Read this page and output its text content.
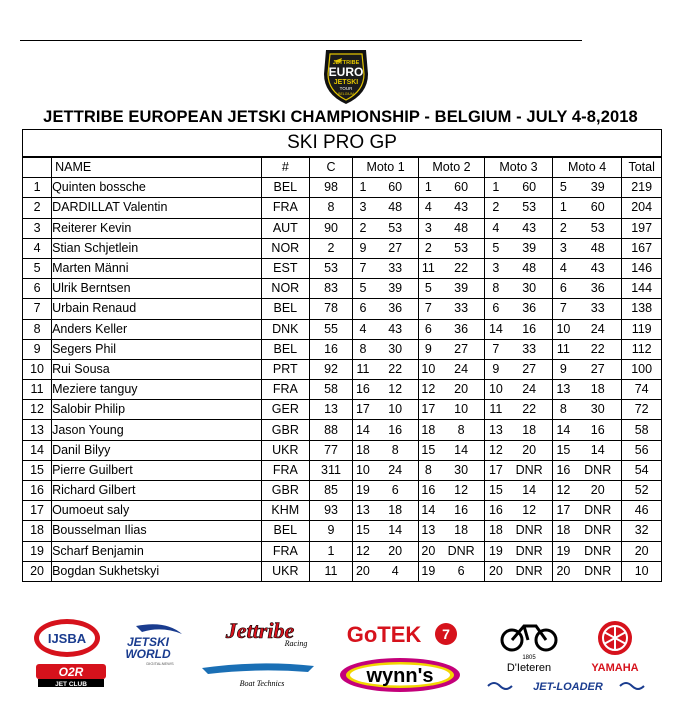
JETTRIBE
EURO
JETSKI
TOUR
BELGIUM
JETTRIBE EUROPEAN JETSKI CHAMPIONSHIP - BELGIUM - JULY 4-8,2018
SKI PRO GP												
	NAME	#	C	Moto 1		Moto 2		Moto 3		Moto 4		Total
1	Quinten bossche	BEL	98	1	60	1	60	1	60	5	39	219
2	DARDILLAT Valentin	FRA	8	3	48	4	43	2	53	1	60	204
3	Reiterer Kevin	AUT	90	2	53	3	48	4	43	2	53	197
4	Stian Schjetlein	NOR	2	9	27	2	53	5	39	3	48	167
5	Marten Männi	EST	53	7	33	11	22	3	48	4	43	146
6	Ulrik Berntsen	NOR	83	5	39	5	39	8	30	6	36	144
7	Urbain Renaud	BEL	78	6	36	7	33	6	36	7	33	138
8	Anders Keller	DNK	55	4	43	6	36	14	16	10	24	119
9	Segers Phil	BEL	16	8	30	9	27	7	33	11	22	112
10	Rui Sousa	PRT	92	11	22	10	24	9	27	9	27	100
11	Meziere tanguy	FRA	58	16	12	12	20	10	24	13	18	74
12	Salobir Philip	GER	13	17	10	17	10	11	22	8	30	72
13	Jason Young	GBR	88	14	16	18	8	13	18	14	16	58
14	Danil Bilyy	UKR	77	18	8	15	14	12	20	15	14	56
15	Pierre Guilbert	FRA	311	10	24	8	30	17	DNR	16	DNR	54
16	Richard Gilbert	GBR	85	19	6	16	12	15	14	12	20	52
17	Oumoeut saly	KHM	93	13	18	14	16	16	12	17	DNR	46
18	Bousselman Ilias	BEL	9	15	14	13	18	18	DNR	18	DNR	32
19	Scharf Benjamin	FRA	1	12	20	20	DNR	19	DNR	19	DNR	20
20	Bogdan Sukhetskyi	UKR	11	20	4	19	6	20	DNR	20	DNR	10
IJSBA
O2R
JET CLUB
JETSKI
WORLD
DIGITALNEWS
Jettribe
Racing
Boat Technics
GoTEK 7
wynn's
1805
D'Ieteren	YAMAHA
JET-LOADER
